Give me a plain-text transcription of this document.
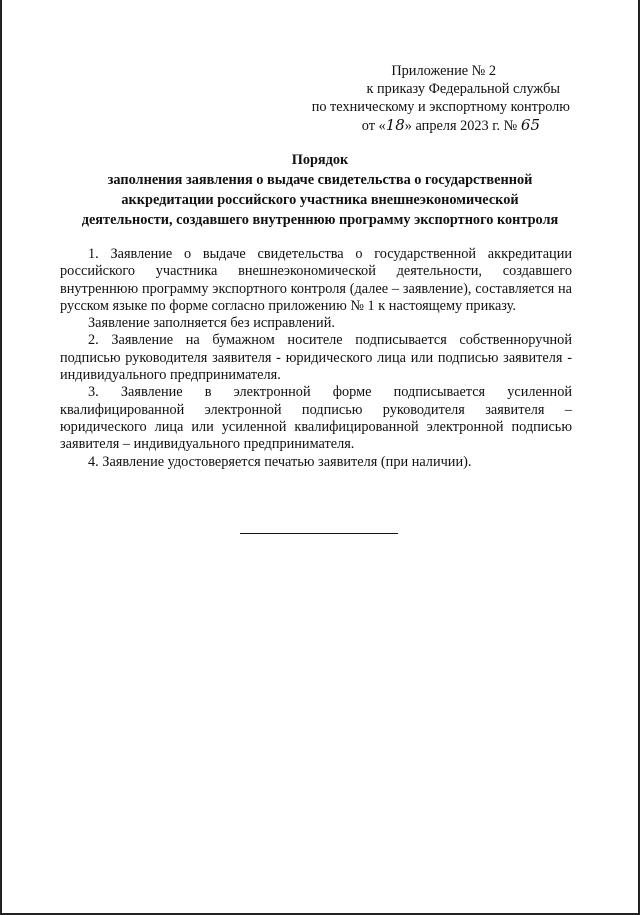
Приложение № 2
к приказу Федеральной службы
по техническому и экспортному контролю
от «18» апреля 2023 г. № 65
Порядок
заполнения заявления о выдаче свидетельства о государственной
аккредитации российского участника внешнеэкономической
деятельности, создавшего внутреннюю программу экспортного контроля

1. Заявление о выдаче свидетельства о государственной аккредитации российского участника внешнеэкономической деятельности, создавшего внутреннюю программу экспортного контроля (далее – заявление), составляется на русском языке по форме согласно приложению № 1 к настоящему приказу.

Заявление заполняется без исправлений.

2. Заявление на бумажном носителе подписывается собственноручной подписью руководителя заявителя - юридического лица или подписью заявителя - индивидуального предпринимателя.

3. Заявление в электронной форме подписывается усиленной квалифицированной электронной подписью руководителя заявителя – юридического лица или усиленной квалифицированной электронной подписью заявителя – индивидуального предпринимателя.

4. Заявление удостоверяется печатью заявителя (при наличии).
